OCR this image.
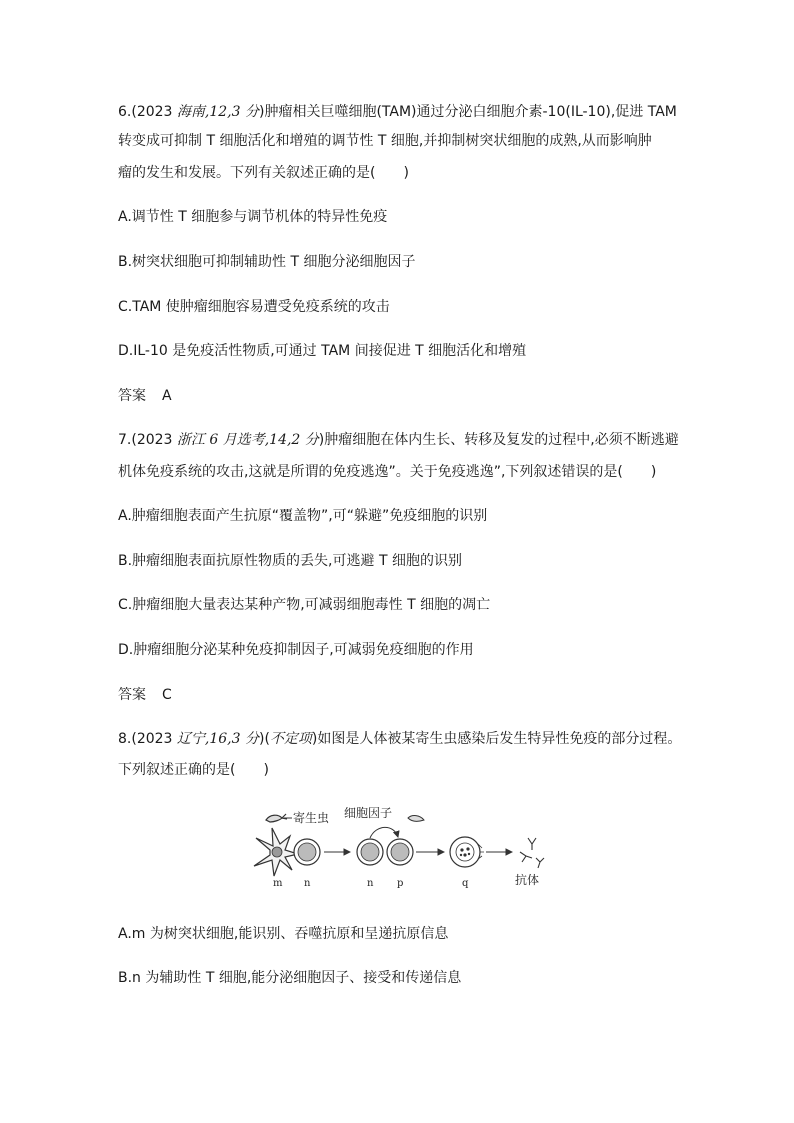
6.(2023 海南,12,3 分)肿瘤相关巨噬细胞(TAM)通过分泌白细胞介素-10(IL-10),促进 TAM
转变成可抑制 T 细胞活化和增殖的调节性 T 细胞,并抑制树突状细胞的成熟,从而影响肿
瘤的发生和发展。下列有关叙述正确的是(　　)
A.调节性 T 细胞参与调节机体的特异性免疫
B.树突状细胞可抑制辅助性 T 细胞分泌细胞因子
C.TAM 使肿瘤细胞容易遭受免疫系统的攻击
D.IL-10 是免疫活性物质,可通过 TAM 间接促进 T 细胞活化和增殖
答案 A
7.(2023 浙江 6 月选考,14,2 分)肿瘤细胞在体内生长、转移及复发的过程中,必须不断逃避
机体免疫系统的攻击,这就是所谓的免疫逃逸”。关于免疫逃逸”,下列叙述错误的是(　　)
A.肿瘤细胞表面产生抗原“覆盖物”,可“躲避”免疫细胞的识别
B.肿瘤细胞表面抗原性物质的丢失,可逃避 T 细胞的识别
C.肿瘤细胞大量表达某种产物,可减弱细胞毒性 T 细胞的凋亡
D.肿瘤细胞分泌某种免疫抑制因子,可减弱免疫细胞的作用
答案 C
8.(2023 辽宁,16,3 分)(不定项)如图是人体被某寄生虫感染后发生特异性免疫的部分过程。
下列叙述正确的是(　　)
寄生虫 细胞因子
抗体
m n	n p	q
A.m 为树突状细胞,能识别、吞噬抗原和呈递抗原信息
B.n 为辅助性 T 细胞,能分泌细胞因子、接受和传递信息
